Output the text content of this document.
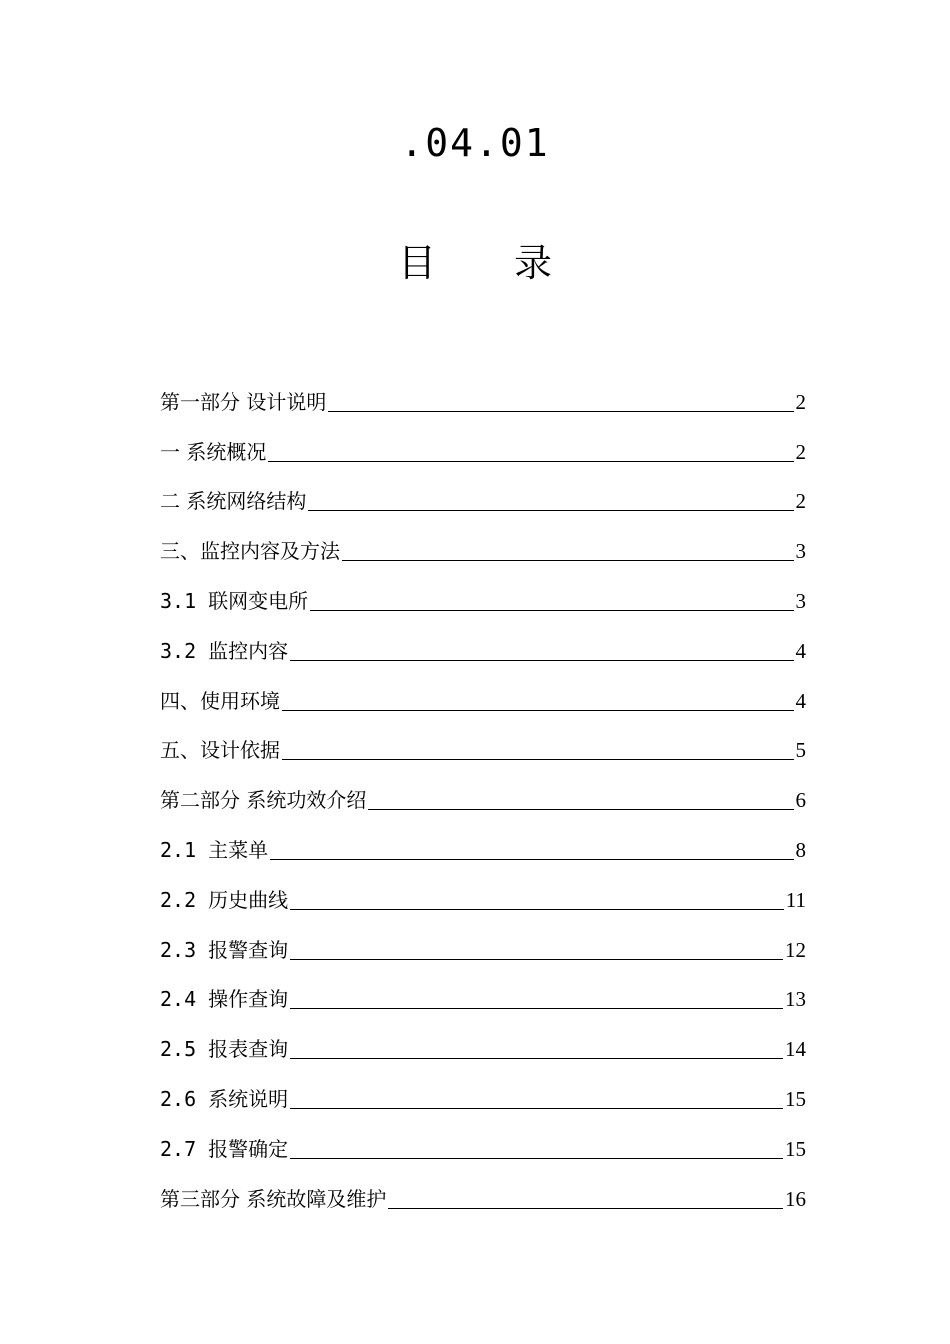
.04.01
目 录
第一部分 设计说明	2
一 系统概况	2
二 系统网络结构	2
三、监控内容及方法	3
3.1 联网变电所	3
3.2 监控内容	4
四、使用环境	4
五、设计依据	5
第二部分 系统功效介绍	6
2.1 主菜单	8
2.2 历史曲线	11
2.3 报警查询	12
2.4 操作查询	13
2.5 报表查询	14
2.6 系统说明	15
2.7 报警确定	15
第三部分 系统故障及维护	16
